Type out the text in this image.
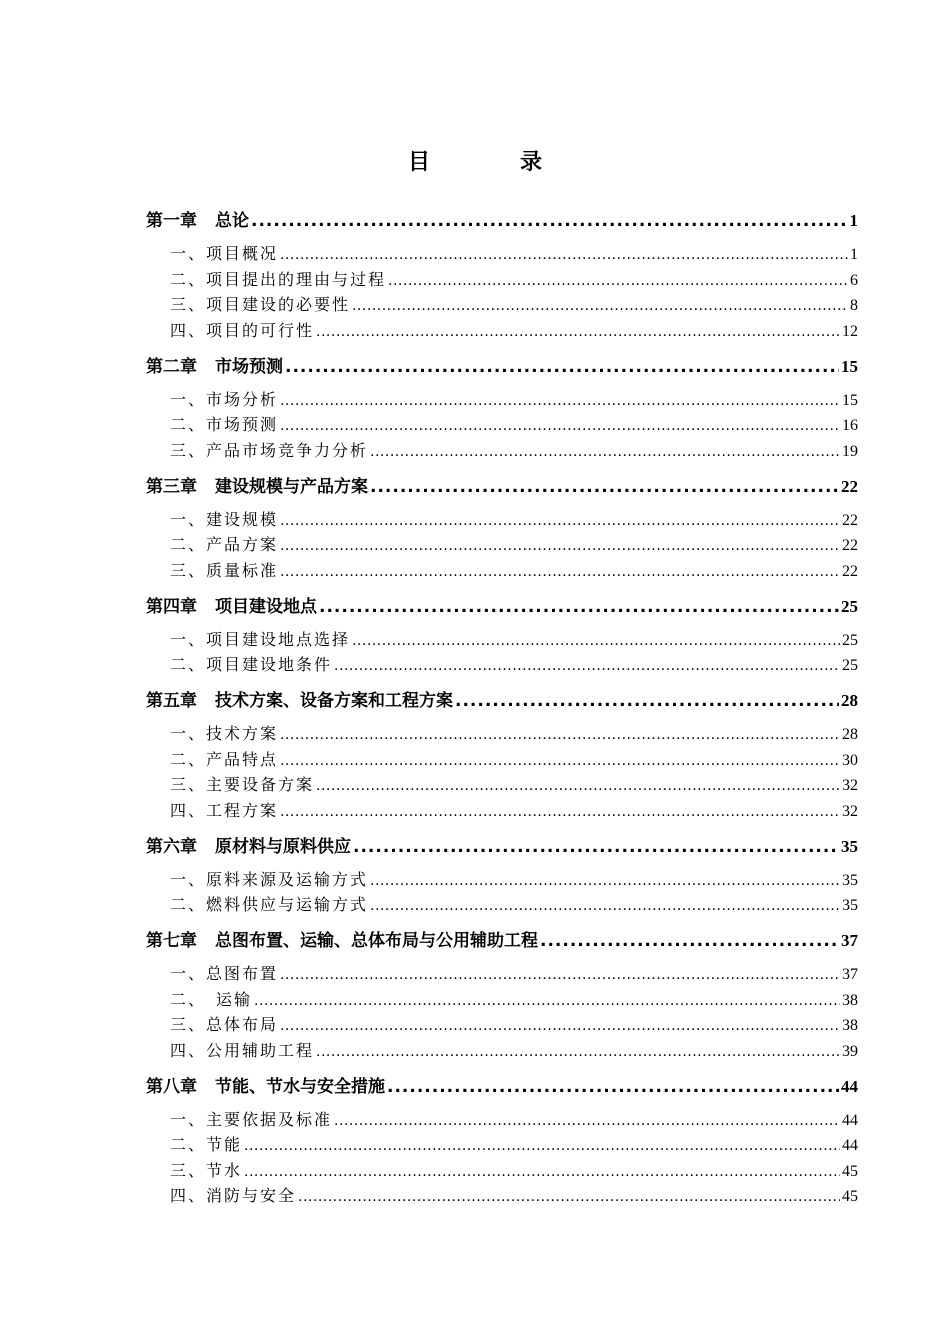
目　录
第一章 总论 .....	1
一、项目概况 .....	1
二、项目提出的理由与过程 .....	6
三、项目建设的必要性 .....	8
四、项目的可行性 .....	12
第二章 市场预测 .....	15
一、市场分析 .....	15
二、市场预测 .....	16
三、产品市场竞争力分析 .....	19
第三章 建设规模与产品方案 .....	22
一、建设规模 .....	22
二、产品方案 .....	22
三、质量标准 .....	22
第四章 项目建设地点 .....	25
一、项目建设地点选择 .....	25
二、项目建设地条件 .....	25
第五章 技术方案、设备方案和工程方案 .....	28
一、技术方案 .....	28
二、产品特点 .....	30
三、主要设备方案 .....	32
四、工程方案 .....	32
第六章 原材料与原料供应 .....	35
一、原料来源及运输方式 .....	35
二、燃料供应与运输方式 .....	35
第七章 总图布置、运输、总体布局与公用辅助工程 .....	37
一、总图布置 .....	37
二、　运输 .....	38
三、总体布局 .....	38
四、公用辅助工程 .....	39
第八章 节能、节水与安全措施 .....	44
一、主要依据及标准 .....	44
二、节能 .....	44
三、节水 .....	45
四、消防与安全 .....	45
